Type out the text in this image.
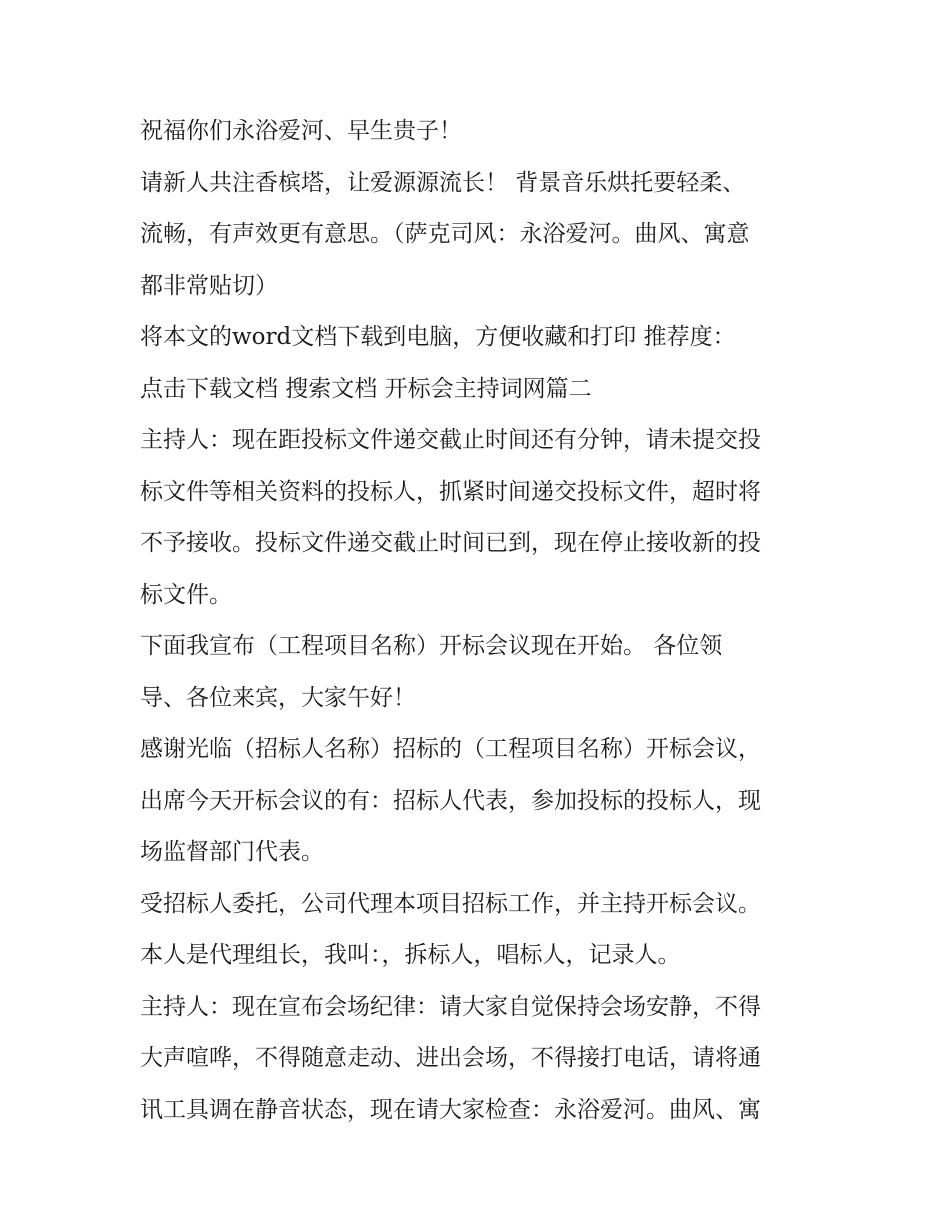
祝福你们永浴爱河、早生贵子！
请新人共注香槟塔，让爱源源流长！ 背景音乐烘托要轻柔、
流畅，有声效更有意思。（萨克司风：永浴爱河。曲风、寓意
都非常贴切）
将本文的word文档下载到电脑，方便收藏和打印 推荐度：
点击下载文档 搜索文档 开标会主持词网篇二
主持人：现在距投标文件递交截止时间还有分钟，请未提交投
标文件等相关资料的投标人，抓紧时间递交投标文件，超时将
不予接收。投标文件递交截止时间已到，现在停止接收新的投
标文件。
下面我宣布（工程项目名称）开标会议现在开始。 各位领
导、各位来宾，大家午好！
感谢光临（招标人名称）招标的（工程项目名称）开标会议，
出席今天开标会议的有：招标人代表，参加投标的投标人，现
场监督部门代表。
受招标人委托，公司代理本项目招标工作，并主持开标会议。
本人是代理组长，我叫：，拆标人，唱标人，记录人。
主持人：现在宣布会场纪律：请大家自觉保持会场安静，不得
大声喧哗，不得随意走动、进出会场，不得接打电话，请将通
讯工具调在静音状态，现在请大家检查：永浴爱河。曲风、寓
